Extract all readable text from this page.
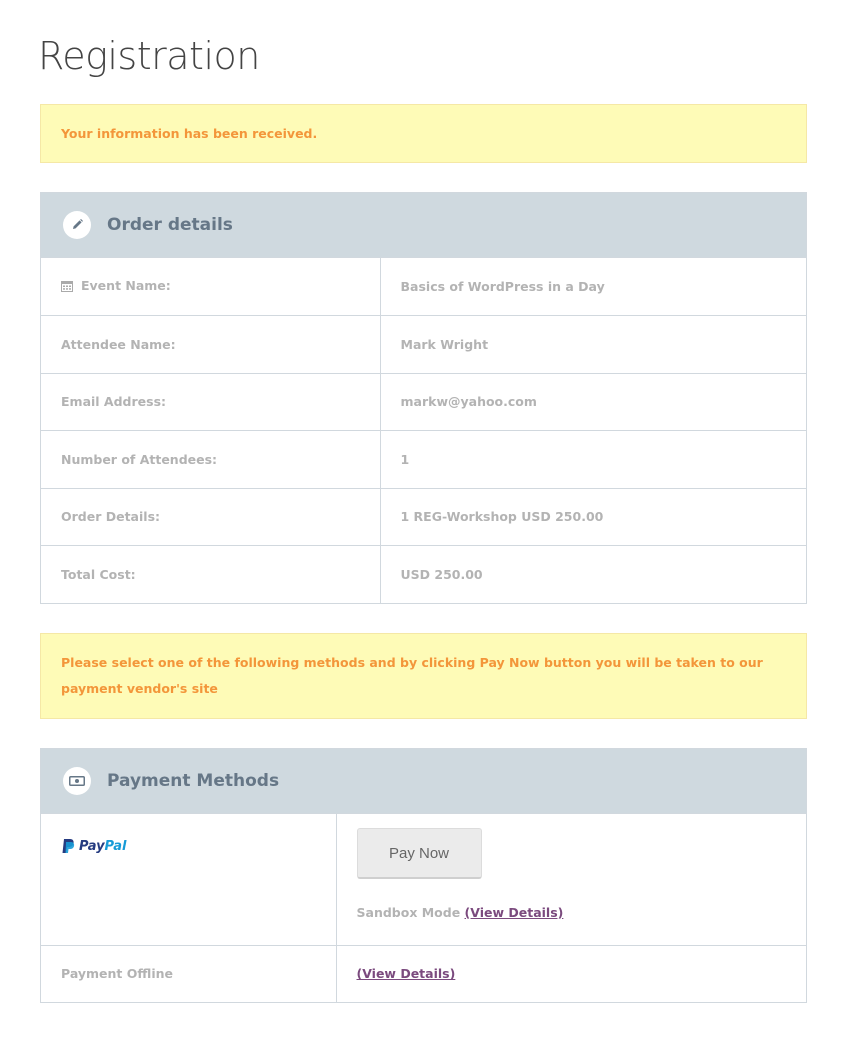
Registration
Your information has been received.
Order details
Event Name:	Basics of WordPress in a Day
Attendee Name:	Mark Wright
Email Address:	markw@yahoo.com
Number of Attendees:	1
Order Details:	1 REG-Workshop USD 250.00
Total Cost:	USD 250.00
Please select one of the following methods and by clicking Pay Now button you will be taken to our payment vendor's site
Payment Methods
Pay Pal	Pay Now
Sandbox Mode (View Details)

Payment Offline	(View Details)
